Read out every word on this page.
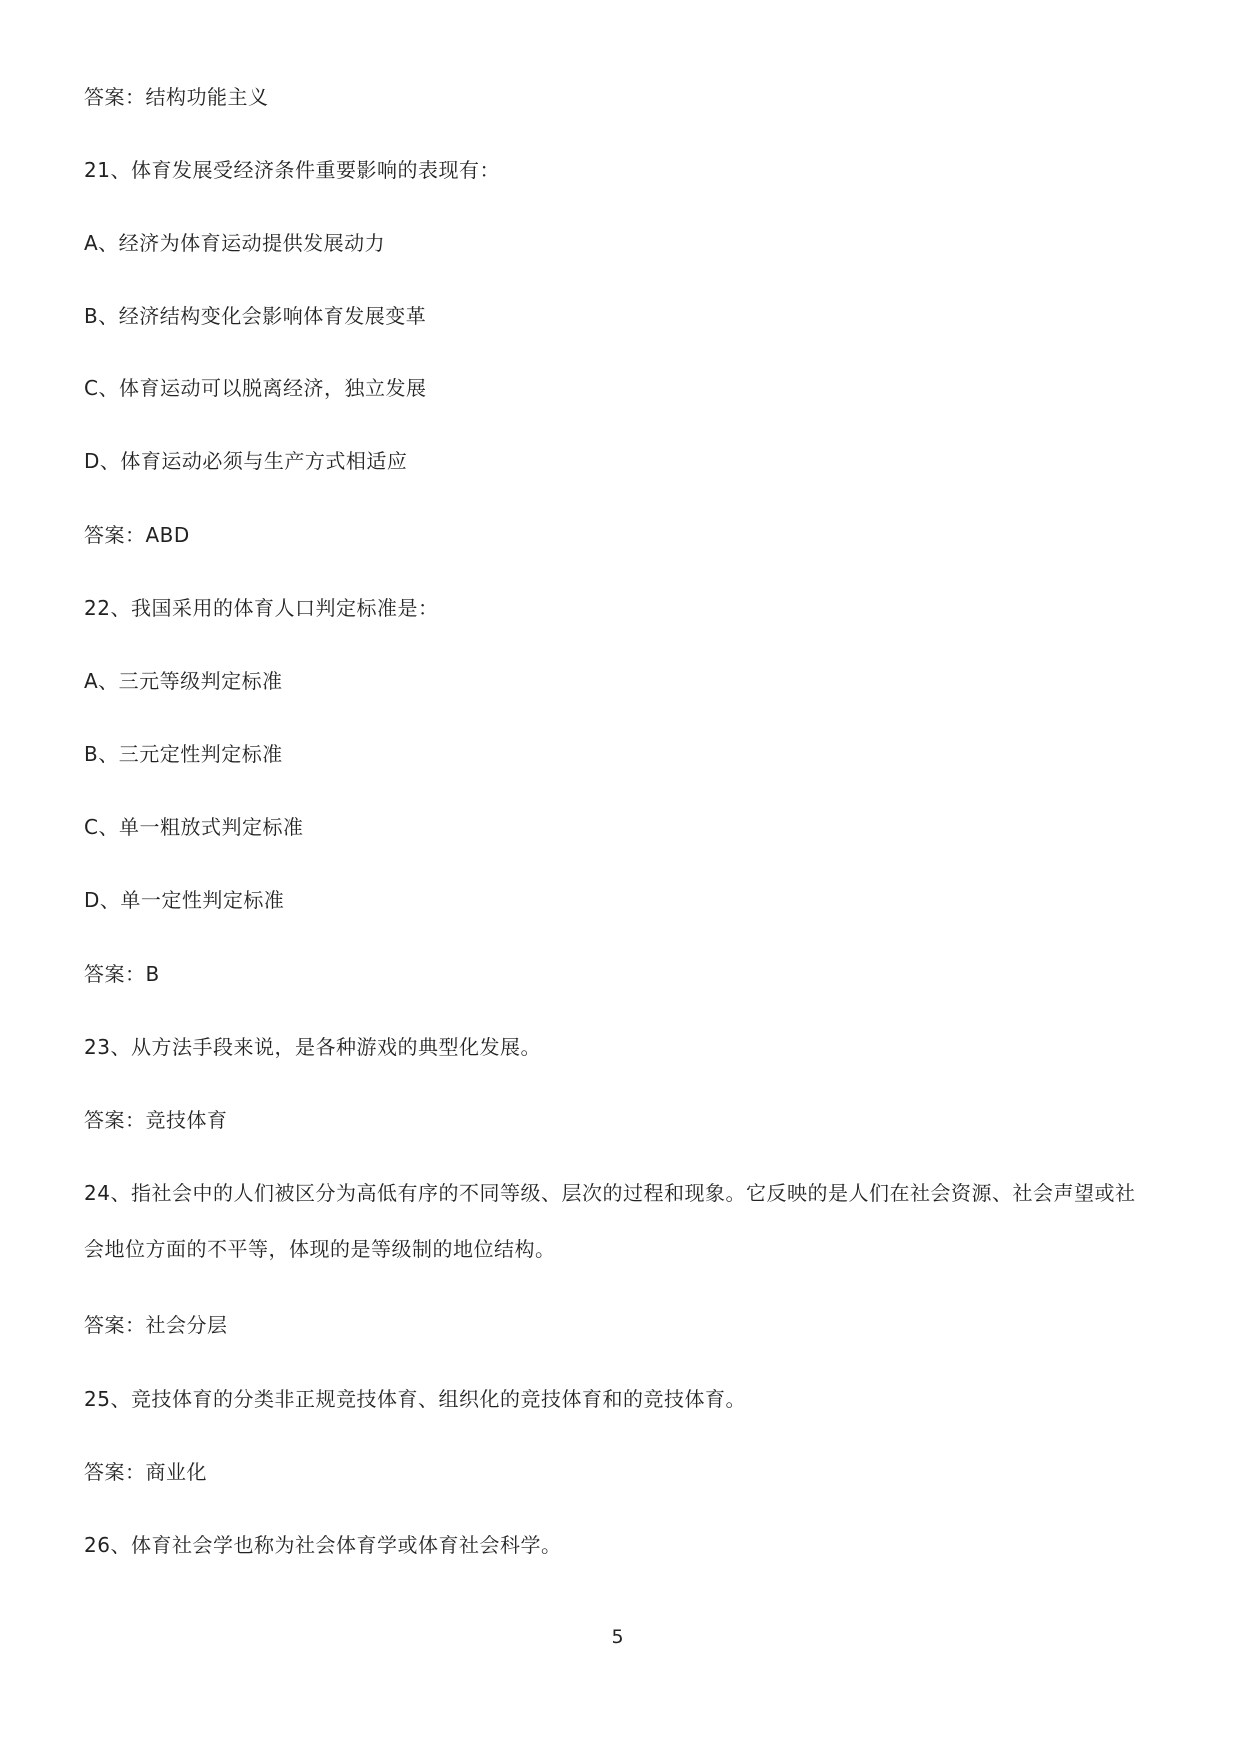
答案：结构功能主义
21、体育发展受经济条件重要影响的表现有：
A、经济为体育运动提供发展动力
B、经济结构变化会影响体育发展变革
C、体育运动可以脱离经济，独立发展
D、体育运动必须与生产方式相适应
答案：ABD
22、我国采用的体育人口判定标准是：
A、三元等级判定标准
B、三元定性判定标准
C、单一粗放式判定标准
D、单一定性判定标准
答案：B
23、从方法手段来说，是各种游戏的典型化发展。
答案：竞技体育
24、指社会中的人们被区分为高低有序的不同等级、层次的过程和现象。它反映的是人们在社会资源、社会声望或社会地位方面的不平等，体现的是等级制的地位结构。
答案：社会分层
25、竞技体育的分类非正规竞技体育、组织化的竞技体育和的竞技体育。
答案：商业化
26、体育社会学也称为社会体育学或体育社会科学。
5
